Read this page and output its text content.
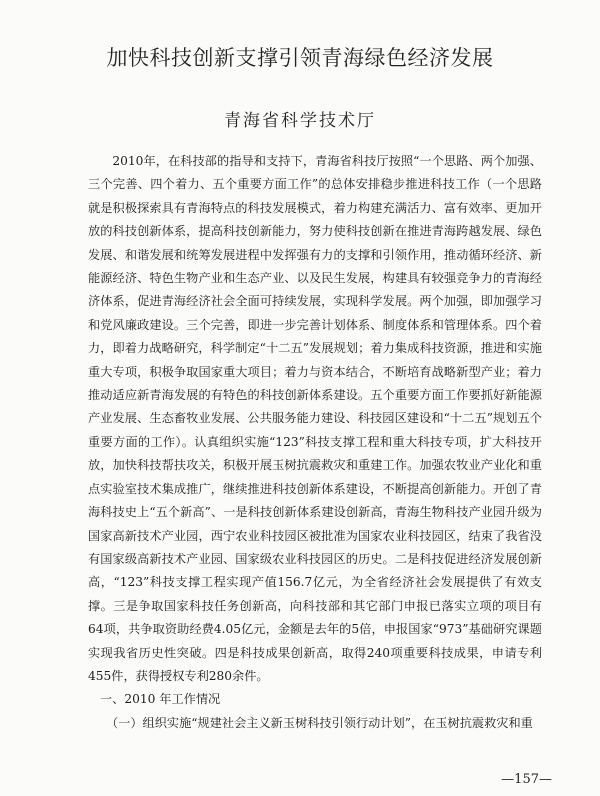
加快科技创新支撑引领青海绿色经济发展
青海省科学技术厅

2010年，在科技部的指导和支持下，青海省科技厅按照“一个思路、两个加强、三个完善、四个着力、五个重要方面工作”的总体安排稳步推进科技工作（一个思路就是积极探索具有青海特点的科技发展模式，着力构建充满活力、富有效率、更加开放的科技创新体系，提高科技创新能力，努力使科技创新在推进青海跨越发展、绿色发展、和谐发展和统筹发展进程中发挥强有力的支撑和引领作用，推动循环经济、新能源经济、特色生物产业和生态产业、以及民生发展，构建具有较强竞争力的青海经济体系，促进青海经济社会全面可持续发展，实现科学发展。两个加强，即加强学习和党风廉政建设。三个完善，即进一步完善计划体系、制度体系和管理体系。四个着力，即着力战略研究，科学制定“十二五”发展规划；着力集成科技资源，推进和实施重大专项，积极争取国家重大项目；着力与资本结合，不断培育战略新型产业；着力推动适应新青海发展的有特色的科技创新体系建设。五个重要方面工作要抓好新能源产业发展、生态畜牧业发展、公共服务能力建设、科技园区建设和“十二五”规划五个重要方面的工作）。认真组织实施“123”科技支撑工程和重大科技专项，扩大科技开放，加快科技帮扶攻关，积极开展玉树抗震救灾和重建工作。加强农牧业产业化和重点实验室技术集成推广，继续推进科技创新体系建设，不断提高创新能力。开创了青海科技史上“五个新高”、一是科技创新体系建设创新高，青海生物科技产业园升级为国家高新技术产业园，西宁农业科技园区被批准为国家农业科技园区，结束了我省没有国家级高新技术产业园、国家级农业科技园区的历史。二是科技促进经济发展创新高，“123”科技支撑工程实现产值156.7亿元，为全省经济社会发展提供了有效支撑。三是争取国家科技任务创新高，向科技部和其它部门申报已落实立项的项目有64项，共争取资助经费4.05亿元，金额是去年的5倍，申报国家“973”基础研究课题实现我省历史性突破。四是科技成果创新高，取得240项重要科技成果，申请专利455件，获得授权专利280余件。

一、2010 年工作情况

（一）组织实施“规建社会主义新玉树科技引领行动计划”，在玉树抗震救灾和重

—157—
